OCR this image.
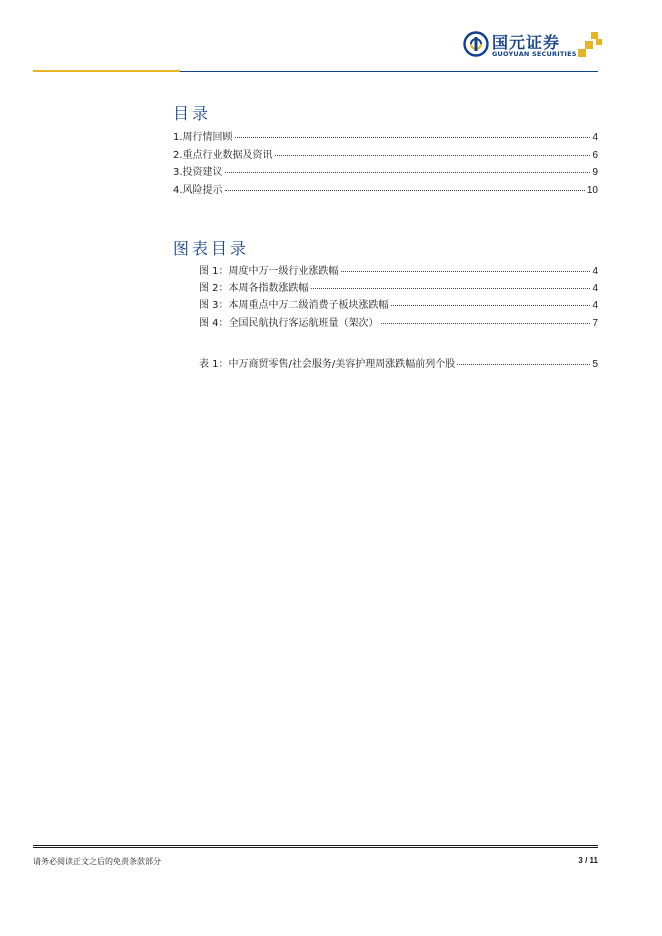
国元证券
GUOYUAN SECURITIES
目录
1.周行情回顾	4
2.重点行业数据及资讯	6
3.投资建议	9
4.风险提示	10
图表目录
图 1：周度中万一级行业涨跌幅	4
图 2：本周各指数涨跌幅	4
图 3：本周重点中万二级消费子板块涨跌幅	4
图 4：全国民航执行客运航班量（架次）	7
表 1：中万商贸零售/社会服务/美容护理周涨跌幅前列个股	5
请务必阅读正文之后的免责条款部分	3 / 11
